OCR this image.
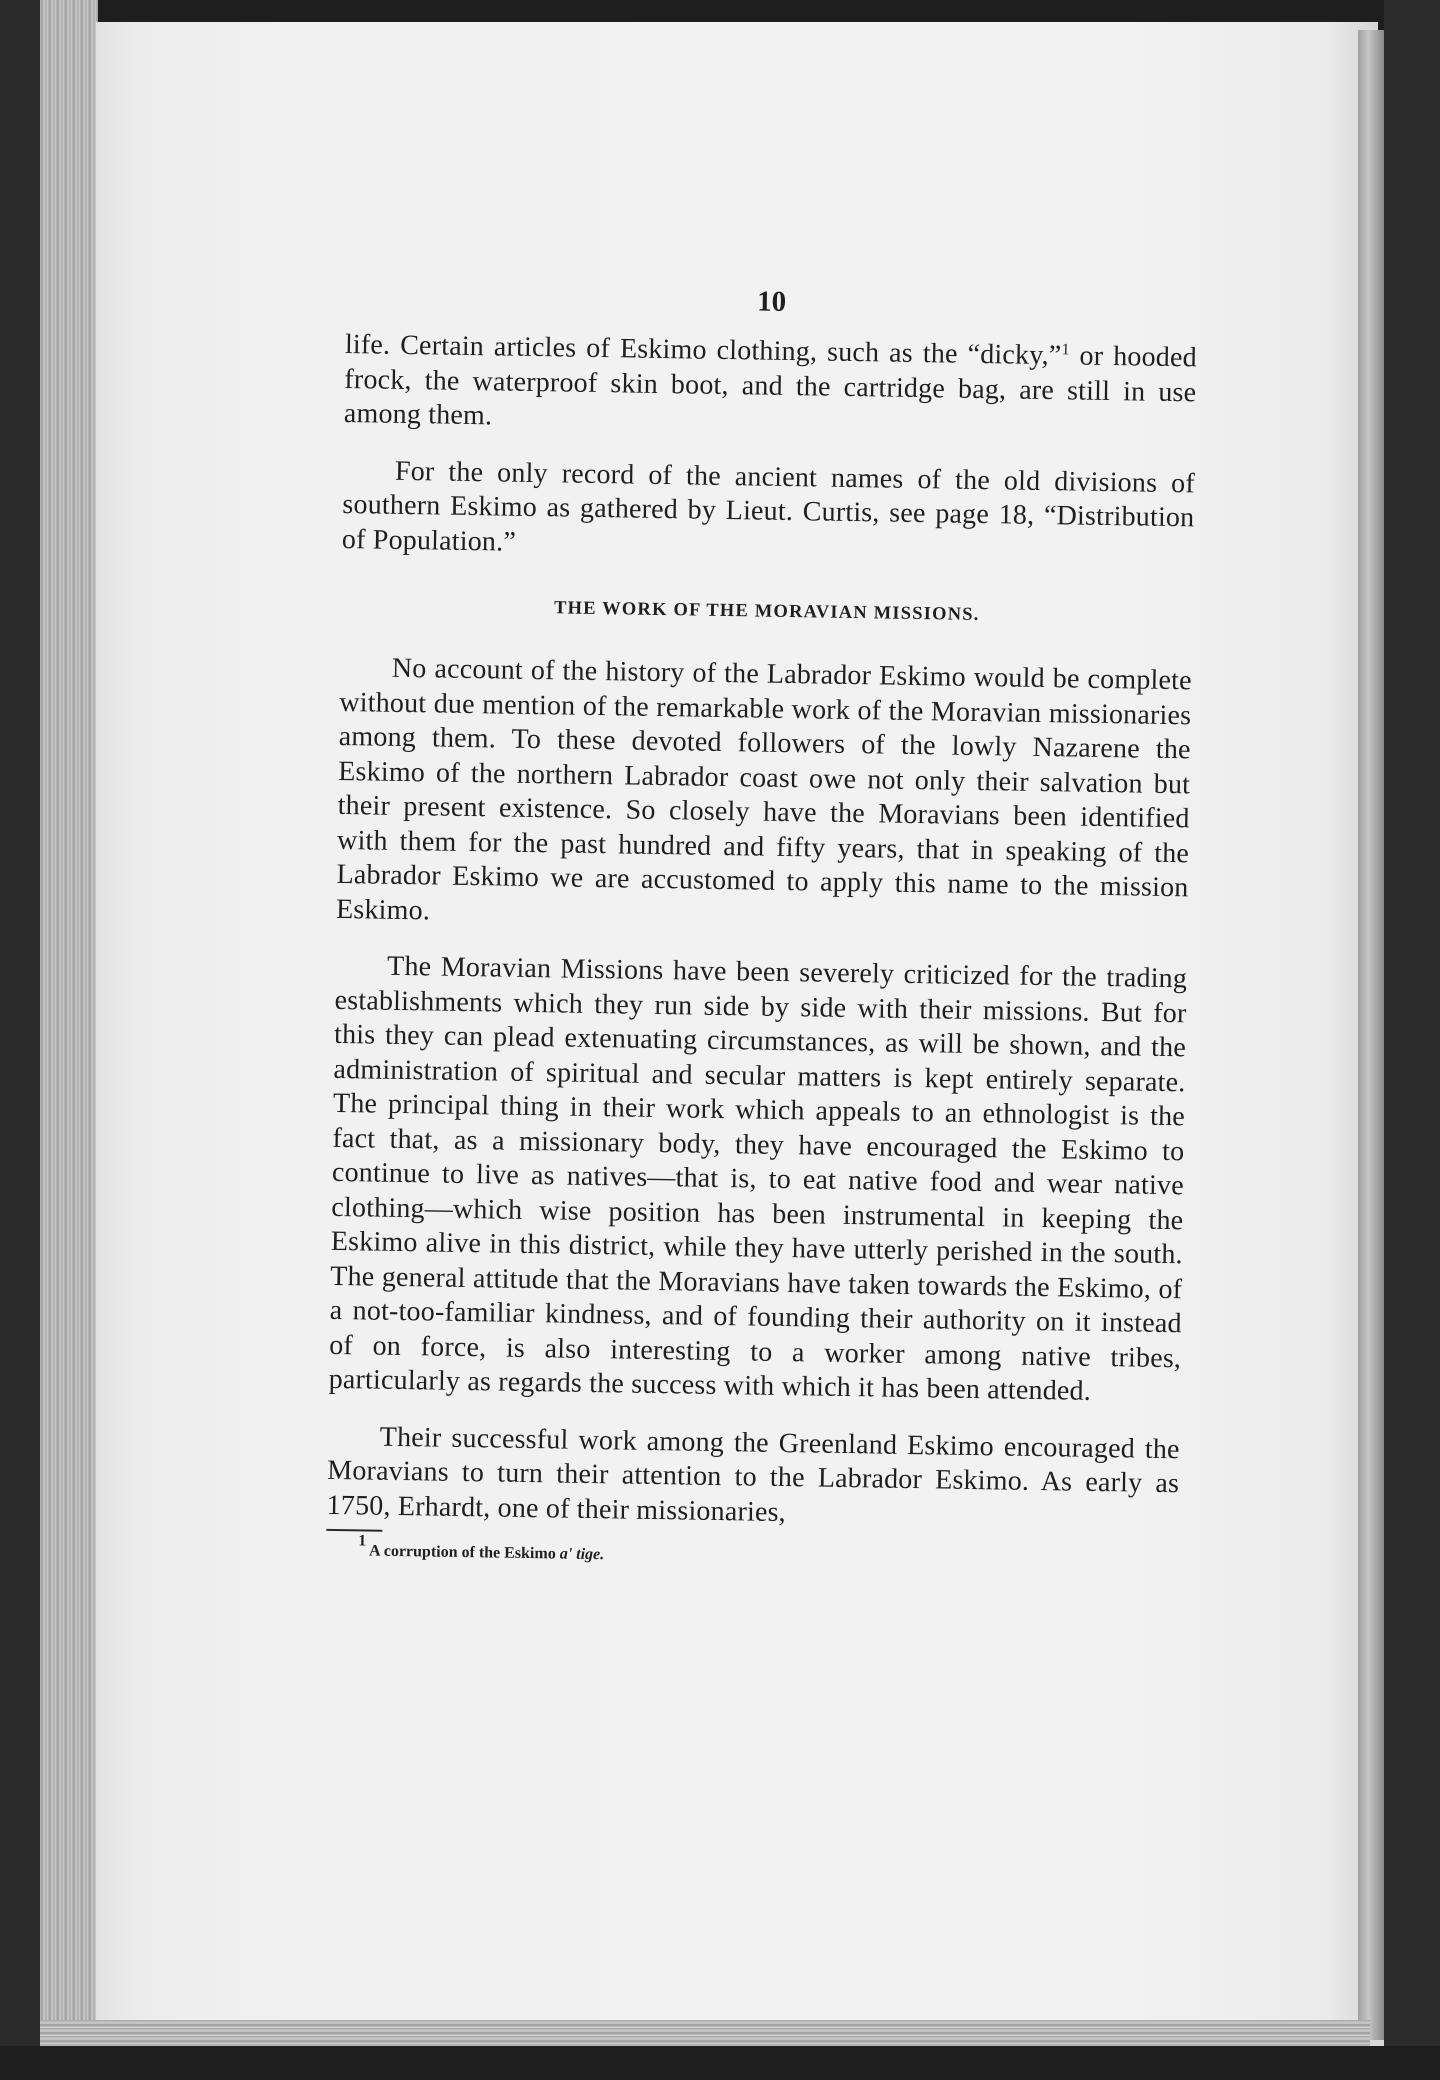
10

life. Certain articles of Eskimo clothing, such as the “dicky,”$^1$ or hooded frock, the waterproof skin boot, and the cartridge bag, are still in use among them.

For the only record of the ancient names of the old divisions of southern Eskimo as gathered by Lieut. Curtis, see page 18, “Distribution of Population.”

THE WORK OF THE MORAVIAN MISSIONS.

No account of the history of the Labrador Eskimo would be complete without due mention of the remarkable work of the Moravian missionaries among them. To these devoted followers of the lowly Nazarene the Eskimo of the northern Labrador coast owe not only their salvation but their present existence. So closely have the Moravians been identified with them for the past hundred and fifty years, that in speaking of the Labrador Eskimo we are accustomed to apply this name to the mission Eskimo.

The Moravian Missions have been severely criticized for the trading establishments which they run side by side with their missions. But for this they can plead extenuating circumstances, as will be shown, and the administration of spiritual and secular matters is kept entirely separate. The principal thing in their work which appeals to an ethnologist is the fact that, as a missionary body, they have encouraged the Eskimo to continue to live as natives—that is, to eat native food and wear native clothing—which wise position has been instrumental in keeping the Eskimo alive in this district, while they have utterly perished in the south. The general attitude that the Moravians have taken towards the Eskimo, of a not-too-familiar kindness, and of founding their authority on it instead of on force, is also interesting to a worker among native tribes, particularly as regards the success with which it has been attended.

Their successful work among the Greenland Eskimo encouraged the Moravians to turn their attention to the Labrador Eskimo. As early as 1750, Erhardt, one of their missionaries,

1 A corruption of the Eskimo a' tige.
